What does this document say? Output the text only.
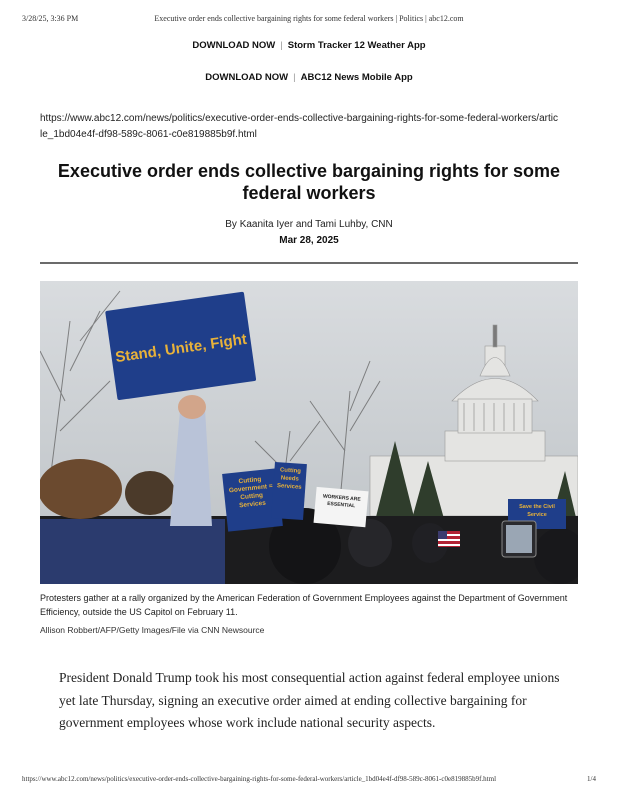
3/28/25, 3:36 PM	Executive order ends collective bargaining rights for some federal workers | Politics | abc12.com
DOWNLOAD NOW | Storm Tracker 12 Weather App
DOWNLOAD NOW | ABC12 News Mobile App
https://www.abc12.com/news/politics/executive-order-ends-collective-bargaining-rights-for-some-federal-workers/article_1bd04e4f-df98-589c-8061-c0e819885b9f.html
Executive order ends collective bargaining rights for some federal workers
By Kaanita Iyer and Tami Luhby, CNN
Mar 28, 2025
Stand, Unite, Fight
Cutting Government = Cutting Services
Cutting Needs Services
WORKERS ARE ESSENTIAL	Save the Civil Service
Protesters gather at a rally organized by the American Federation of Government Employees against the Department of Government Efficiency, outside the US Capitol on February 11.
Allison Robbert/AFP/Getty Images/File via CNN Newsource

President Donald Trump took his most consequential action against federal employee unions yet late Thursday, signing an executive order aimed at ending collective bargaining for government employees whose work include national security aspects.

https://www.abc12.com/news/politics/executive-order-ends-collective-bargaining-rights-for-some-federal-workers/article_1bd04e4f-df98-589c-8061-c0e819885b9f.html	1/4
